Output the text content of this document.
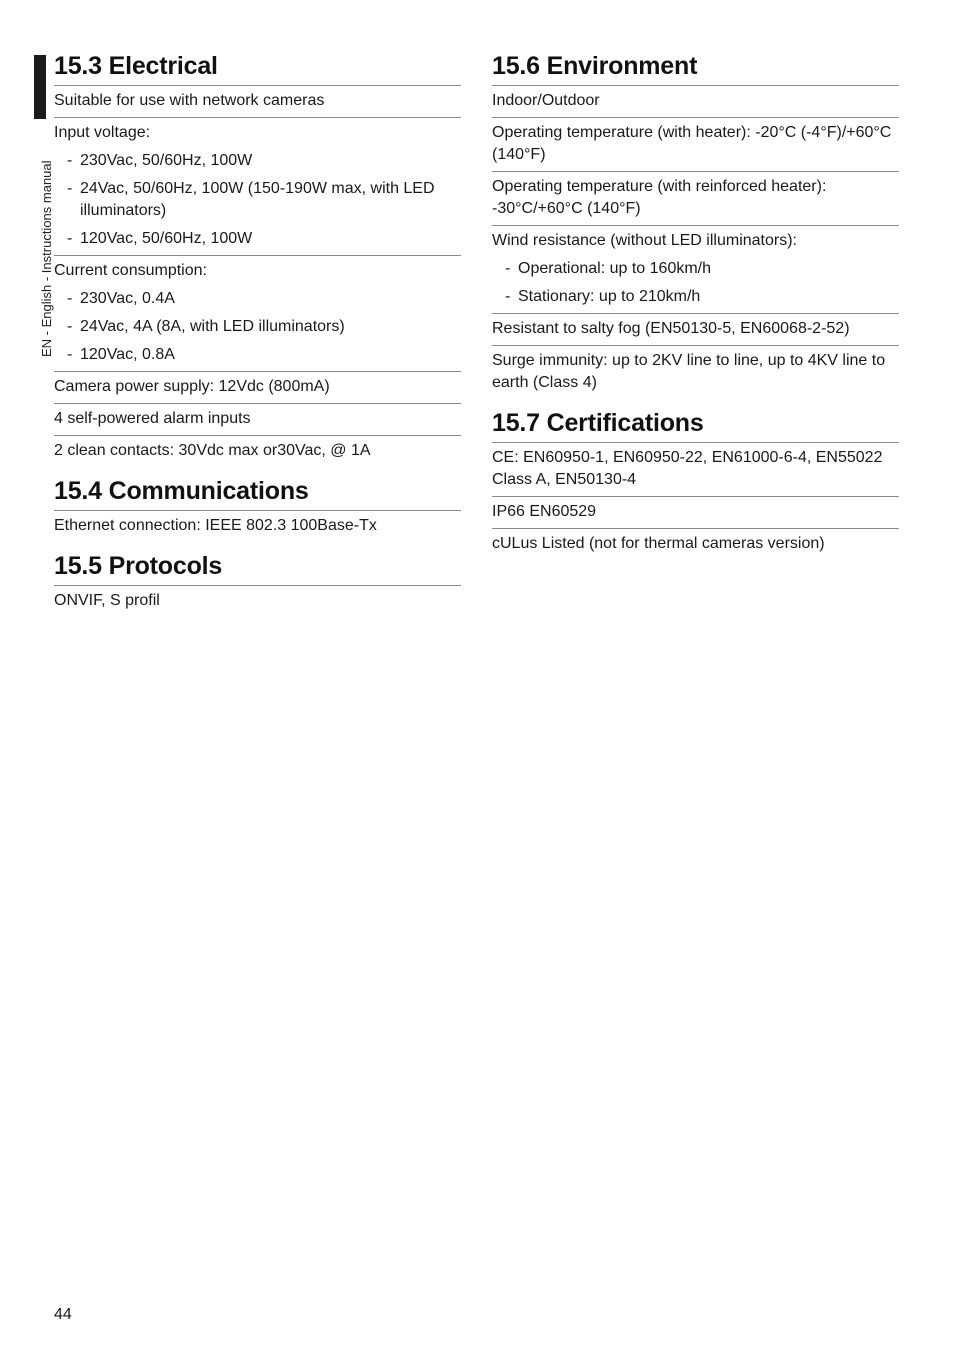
EN - English - Instructions manual
15.3 Electrical
Suitable for use with network cameras
Input voltage:
- 230Vac, 50/60Hz, 100W
- 24Vac, 50/60Hz, 100W (150-190W max, with LED illuminators)
- 120Vac, 50/60Hz, 100W
Current consumption:
- 230Vac, 0.4A
- 24Vac, 4A (8A, with LED illuminators)
- 120Vac, 0.8A
Camera power supply: 12Vdc (800mA)
4 self-powered alarm inputs
2 clean contacts: 30Vdc max or30Vac, @ 1A
15.4 Communications
Ethernet connection: IEEE 802.3 100Base-Tx
15.5 Protocols
ONVIF, S profil
15.6 Environment
Indoor/Outdoor
Operating temperature (with heater): -20°C (-4°F)/+60°C (140°F)
Operating temperature (with reinforced heater): -30°C/+60°C (140°F)
Wind resistance (without LED illuminators):
- Operational: up to 160km/h
- Stationary: up to 210km/h
Resistant to salty fog (EN50130-5, EN60068-2-52)
Surge immunity: up to 2KV line to line, up to 4KV line to earth (Class 4)
15.7 Certifications
CE: EN60950-1, EN60950-22, EN61000-6-4, EN55022 Class A, EN50130-4
IP66 EN60529
cULus Listed (not for thermal cameras version)
44
